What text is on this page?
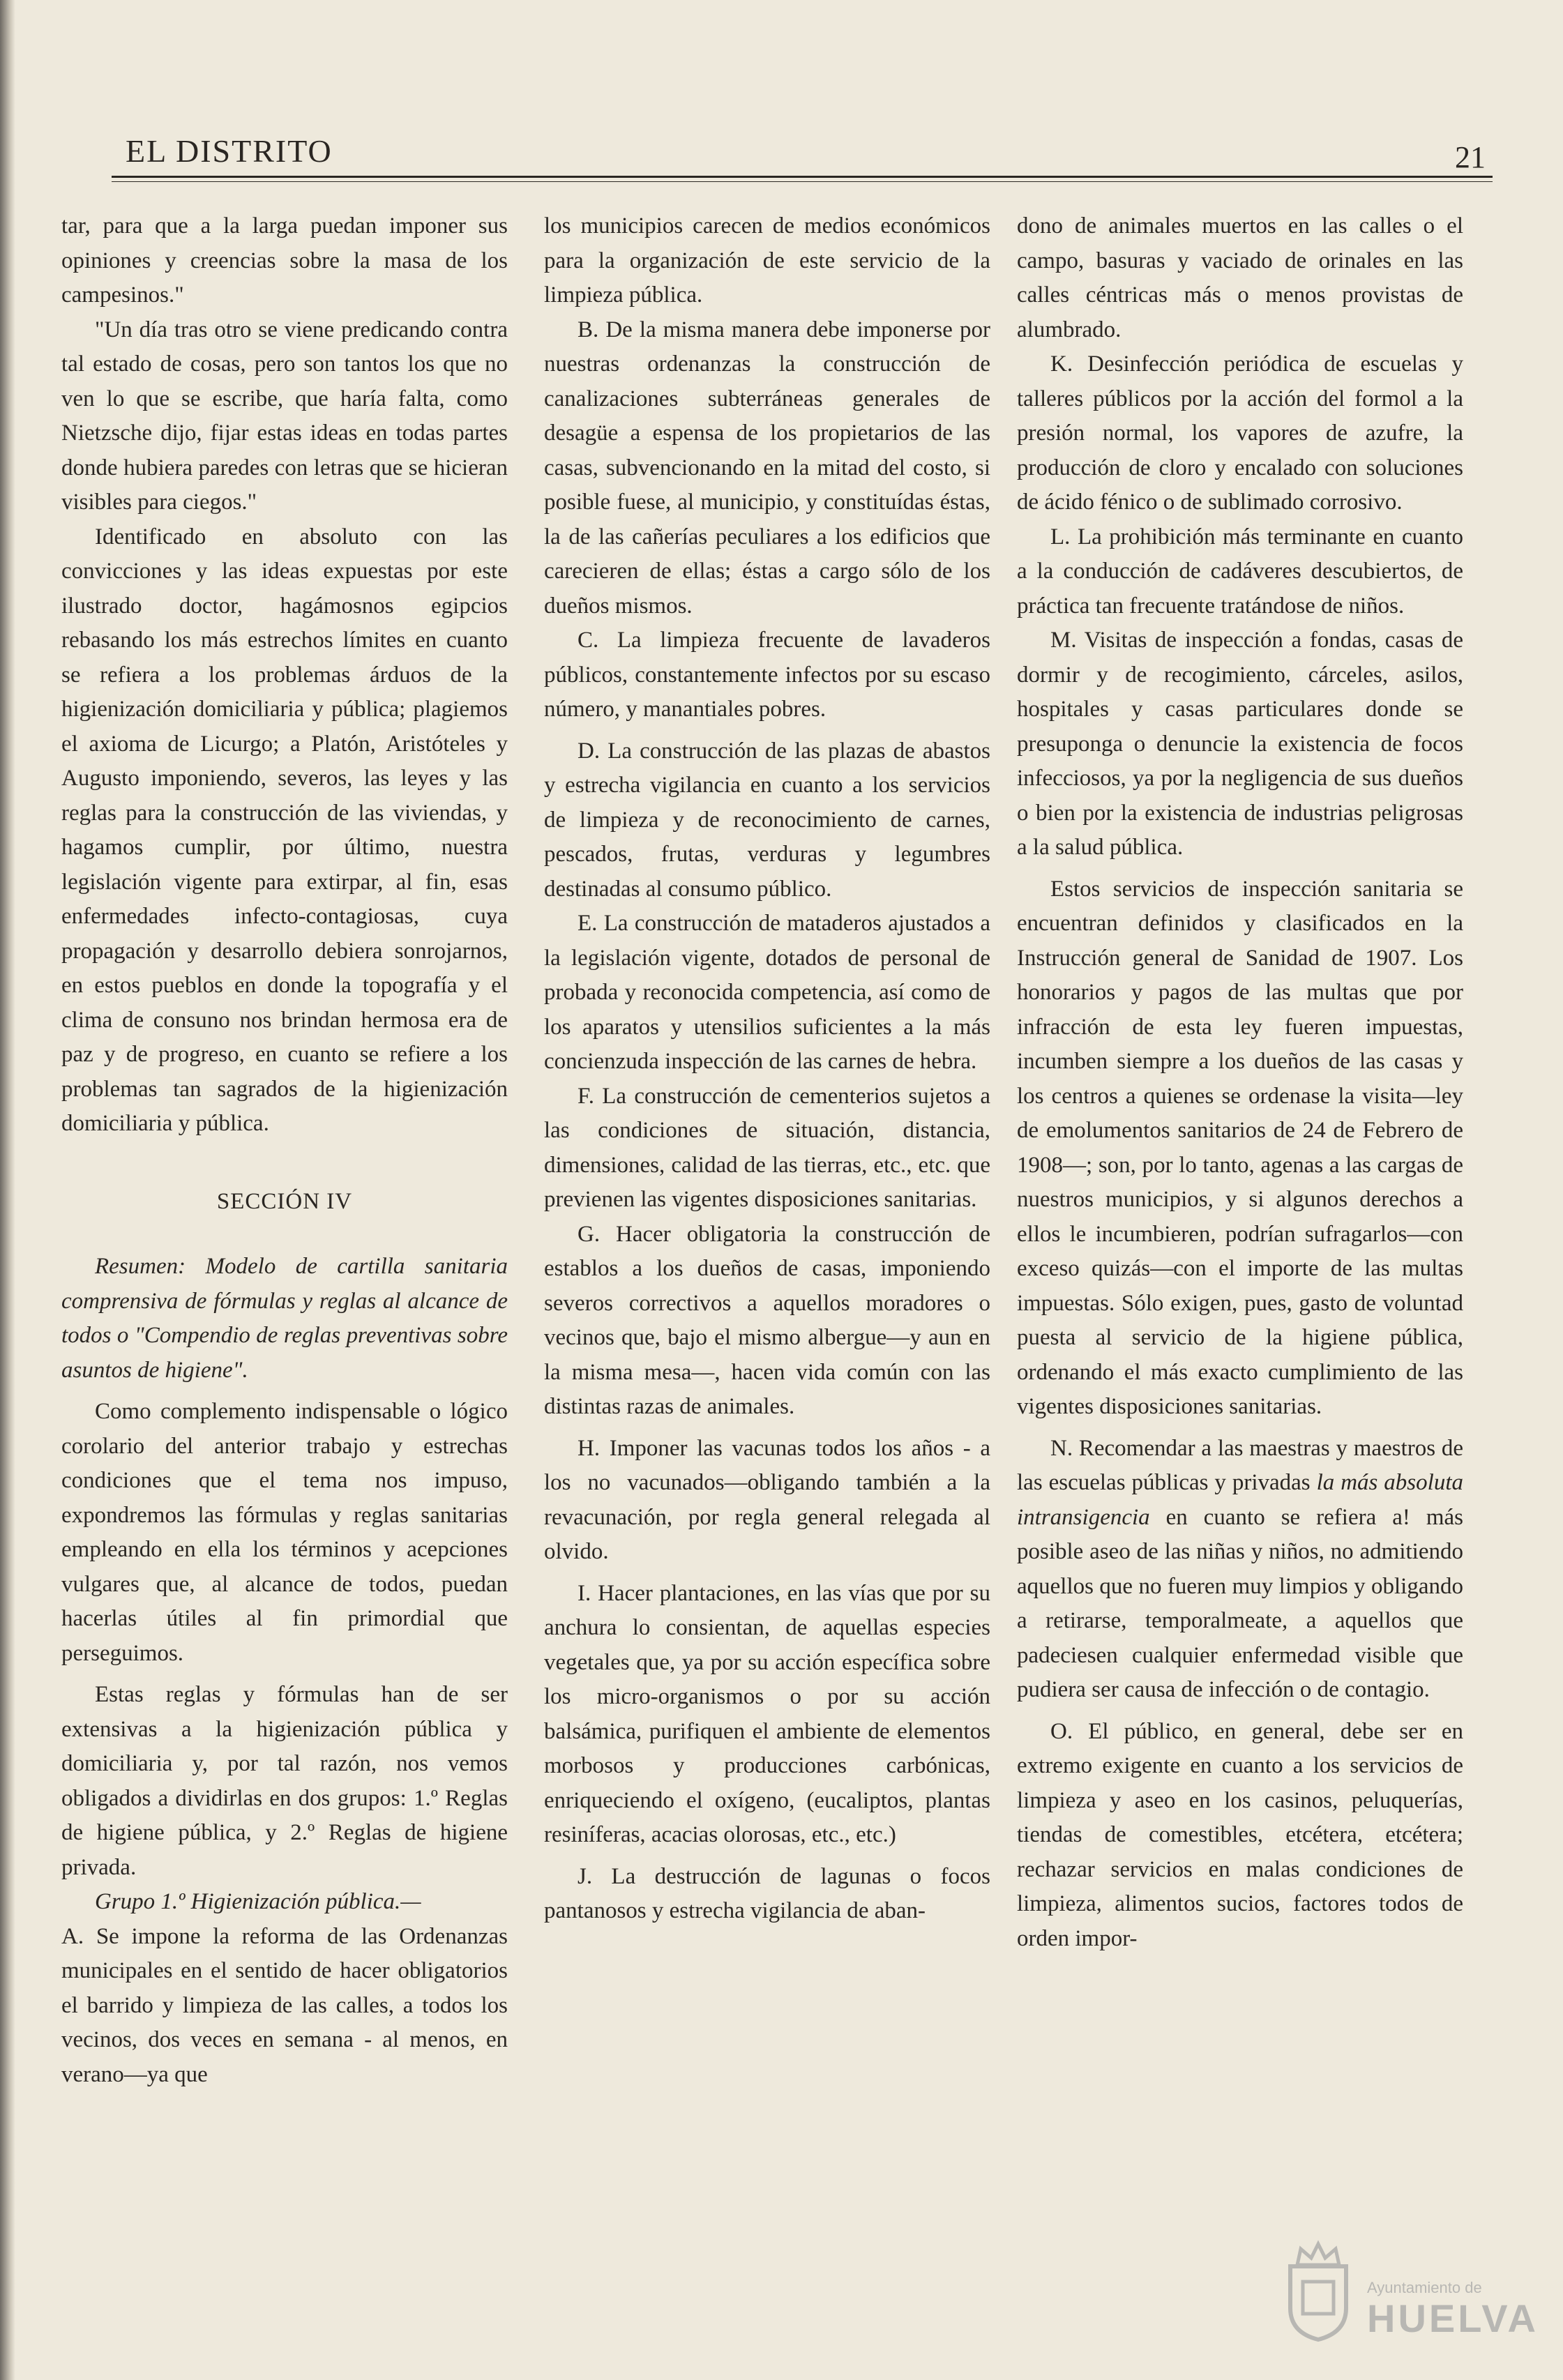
EL DISTRITO	21

tar, para que a la larga puedan imponer sus opiniones y creencias sobre la masa de los campesinos."

"Un día tras otro se viene predicando contra tal estado de cosas, pero son tantos los que no ven lo que se escribe, que haría falta, como Nietzsche dijo, fijar estas ideas en todas partes donde hubiera paredes con letras que se hicieran visibles para ciegos."

Identificado en absoluto con las convicciones y las ideas expuestas por este ilustrado doctor, hagámosnos egipcios rebasando los más estrechos límites en cuanto se refiera a los problemas árduos de la higienización domiciliaria y pública; plagiemos el axioma de Licurgo; a Platón, Aristóteles y Augusto imponiendo, severos, las leyes y las reglas para la construcción de las viviendas, y hagamos cumplir, por último, nuestra legislación vigente para extirpar, al fin, esas enfermedades infecto-contagiosas, cuya propagación y desarrollo debiera sonrojarnos, en estos pueblos en donde la topografía y el clima de consuno nos brindan hermosa era de paz y de progreso, en cuanto se refiere a los problemas tan sagrados de la higienización domiciliaria y pública.

SECCIÓN IV

Resumen: Modelo de cartilla sanitaria comprensiva de fórmulas y reglas al alcance de todos o "Compendio de reglas preventivas sobre asuntos de higiene".

Como complemento indispensable o lógico corolario del anterior trabajo y estrechas condiciones que el tema nos impuso, expondremos las fórmulas y reglas sanitarias empleando en ella los términos y acepciones vulgares que, al alcance de todos, puedan hacerlas útiles al fin primordial que perseguimos.

Estas reglas y fórmulas han de ser extensivas a la higienización pública y domiciliaria y, por tal razón, nos vemos obligados a dividirlas en dos grupos: 1.º Reglas de higiene pública, y 2.º Reglas de higiene privada.

Grupo 1.º Higienización pública.—

A. Se impone la reforma de las Ordenanzas municipales en el sentido de hacer obligatorios el barrido y limpieza de las calles, a todos los vecinos, dos veces en semana - al menos, en verano—ya que

los municipios carecen de medios económicos para la organización de este servicio de la limpieza pública.

B. De la misma manera debe imponerse por nuestras ordenanzas la construcción de canalizaciones subterráneas generales de desagüe a espensa de los propietarios de las casas, subvencionando en la mitad del costo, si posible fuese, al municipio, y constituídas éstas, la de las cañerías peculiares a los edificios que carecieren de ellas; éstas a cargo sólo de los dueños mismos.

C. La limpieza frecuente de lavaderos públicos, constantemente infectos por su escaso número, y manantiales pobres.

D. La construcción de las plazas de abastos y estrecha vigilancia en cuanto a los servicios de limpieza y de reconocimiento de carnes, pescados, frutas, verduras y legumbres destinadas al consumo público.

E. La construcción de mataderos ajustados a la legislación vigente, dotados de personal de probada y reconocida competencia, así como de los aparatos y utensilios suficientes a la más concienzuda inspección de las carnes de hebra.

F. La construcción de cementerios sujetos a las condiciones de situación, distancia, dimensiones, calidad de las tierras, etc., etc. que previenen las vigentes disposiciones sanitarias.

G. Hacer obligatoria la construcción de establos a los dueños de casas, imponiendo severos correctivos a aquellos moradores o vecinos que, bajo el mismo albergue—y aun en la misma mesa—, hacen vida común con las distintas razas de animales.

H. Imponer las vacunas todos los años - a los no vacunados—obligando también a la revacunación, por regla general relegada al olvido.

I. Hacer plantaciones, en las vías que por su anchura lo consientan, de aquellas especies vegetales que, ya por su acción específica sobre los micro-organismos o por su acción balsámica, purifiquen el ambiente de elementos morbosos y producciones carbónicas, enriqueciendo el oxígeno, (eucaliptos, plantas resiníferas, acacias olorosas, etc., etc.)

J. La destrucción de lagunas o focos pantanosos y estrecha vigilancia de aban-

dono de animales muertos en las calles o el campo, basuras y vaciado de orinales en las calles céntricas más o menos provistas de alumbrado.

K. Desinfección periódica de escuelas y talleres públicos por la acción del formol a la presión normal, los vapores de azufre, la producción de cloro y encalado con soluciones de ácido fénico o de sublimado corrosivo.

L. La prohibición más terminante en cuanto a la conducción de cadáveres descubiertos, de práctica tan frecuente tratándose de niños.

M. Visitas de inspección a fondas, casas de dormir y de recogimiento, cárceles, asilos, hospitales y casas particulares donde se presuponga o denuncie la existencia de focos infecciosos, ya por la negligencia de sus dueños o bien por la existencia de industrias peligrosas a la salud pública.

Estos servicios de inspección sanitaria se encuentran definidos y clasificados en la Instrucción general de Sanidad de 1907. Los honorarios y pagos de las multas que por infracción de esta ley fueren impuestas, incumben siempre a los dueños de las casas y los centros a quienes se ordenase la visita—ley de emolumentos sanitarios de 24 de Febrero de 1908—; son, por lo tanto, agenas a las cargas de nuestros municipios, y si algunos derechos a ellos le incumbieren, podrían sufragarlos—con exceso quizás—con el importe de las multas impuestas. Sólo exigen, pues, gasto de voluntad puesta al servicio de la higiene pública, ordenando el más exacto cumplimiento de las vigentes disposiciones sanitarias.

N. Recomendar a las maestras y maestros de las escuelas públicas y privadas la más absoluta intransigencia en cuanto se refiera a! más posible aseo de las niñas y niños, no admitiendo aquellos que no fueren muy limpios y obligando a retirarse, temporalmeate, a aquellos que padeciesen cualquier enfermedad visible que pudiera ser causa de infección o de contagio.

O. El público, en general, debe ser en extremo exigente en cuanto a los servicios de limpieza y aseo en los casinos, peluquerías, tiendas de comestibles, etcétera, etcétera; rechazar servicios en malas condiciones de limpieza, alimentos sucios, factores todos de orden impor-

Ayuntamiento de
HUELVA
